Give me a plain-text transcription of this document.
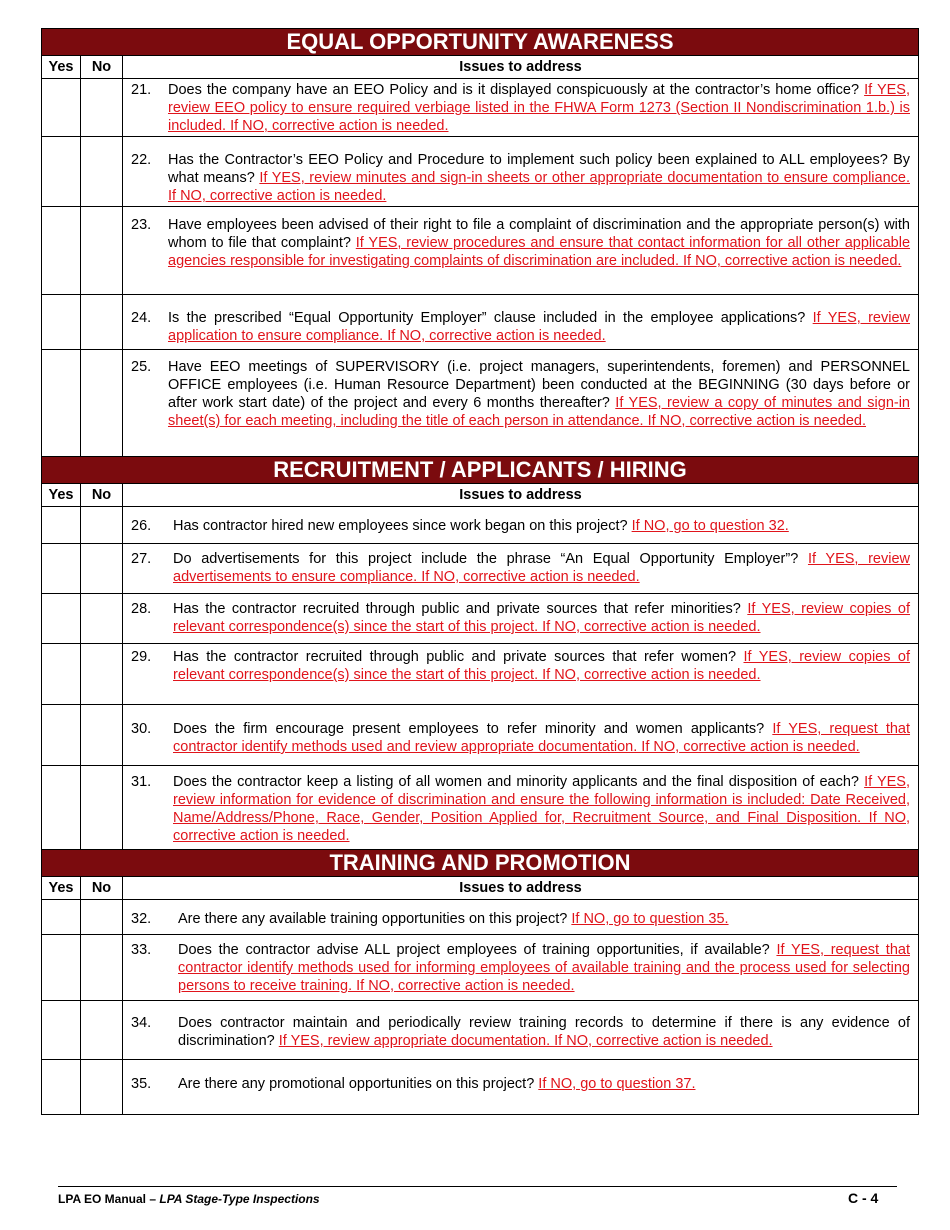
EQUAL OPPORTUNITY AWARENESS		
Yes	No	Issues to address

		21. Does the company have an EEO Policy and is it displayed conspicuously at the contractor’s home office? If YES, review EEO policy to ensure required verbiage listed in the FHWA Form 1273 (Section II Nondiscrimination 1.b.) is included. If NO, corrective action is needed.

		22. Has the Contractor’s EEO Policy and Procedure to implement such policy been explained to ALL employees? By what means? If YES, review minutes and sign-in sheets or other appropriate documentation to ensure compliance. If NO, corrective action is needed.

		23. Have employees been advised of their right to file a complaint of discrimination and the appropriate person(s) with whom to file that complaint? If YES, review procedures and ensure that contact information for all other applicable agencies responsible for investigating complaints of discrimination are included. If NO, corrective action is needed.

		24. Is the prescribed “Equal Opportunity Employer” clause included in the employee applications? If YES, review application to ensure compliance. If NO, corrective action is needed.

		25. Have EEO meetings of SUPERVISORY (i.e. project managers, superintendents, foremen) and PERSONNEL OFFICE employees (i.e. Human Resource Department) been conducted at the BEGINNING (30 days before or after work start date) of the project and every 6 months thereafter? If YES, review a copy of minutes and sign-in sheet(s) for each meeting, including the title of each person in attendance. If NO, corrective action is needed.

RECRUITMENT / APPLICANTS / HIRING		
Yes	No	Issues to address

		26. Has contractor hired new employees since work began on this project? If NO, go to question 32.

		27. Do advertisements for this project include the phrase “An Equal Opportunity Employer”? If YES, review advertisements to ensure compliance. If NO, corrective action is needed.

		28. Has the contractor recruited through public and private sources that refer minorities? If YES, review copies of relevant correspondence(s) since the start of this project. If NO, corrective action is needed.

		29. Has the contractor recruited through public and private sources that refer women? If YES, review copies of relevant correspondence(s) since the start of this project. If NO, corrective action is needed.

		30. Does the firm encourage present employees to refer minority and women applicants? If YES, request that contractor identify methods used and review appropriate documentation. If NO, corrective action is needed.

		31. Does the contractor keep a listing of all women and minority applicants and the final disposition of each? If YES, review information for evidence of discrimination and ensure the following information is included: Date Received, Name/Address/Phone, Race, Gender, Position Applied for, Recruitment Source, and Final Disposition. If NO, corrective action is needed.

TRAINING AND PROMOTION		
Yes	No	Issues to address

		32. Are there any available training opportunities on this project? If NO, go to question 35.

		33. Does the contractor advise ALL project employees of training opportunities, if available? If YES, request that contractor identify methods used for informing employees of available training and the process used for selecting persons to receive training. If NO, corrective action is needed.

		34. Does contractor maintain and periodically review training records to determine if there is any evidence of discrimination? If YES, review appropriate documentation. If NO, corrective action is needed.

		35. Are there any promotional opportunities on this project? If NO, go to question 37.
LPA EO Manual – LPA Stage-Type Inspections	C - 4
